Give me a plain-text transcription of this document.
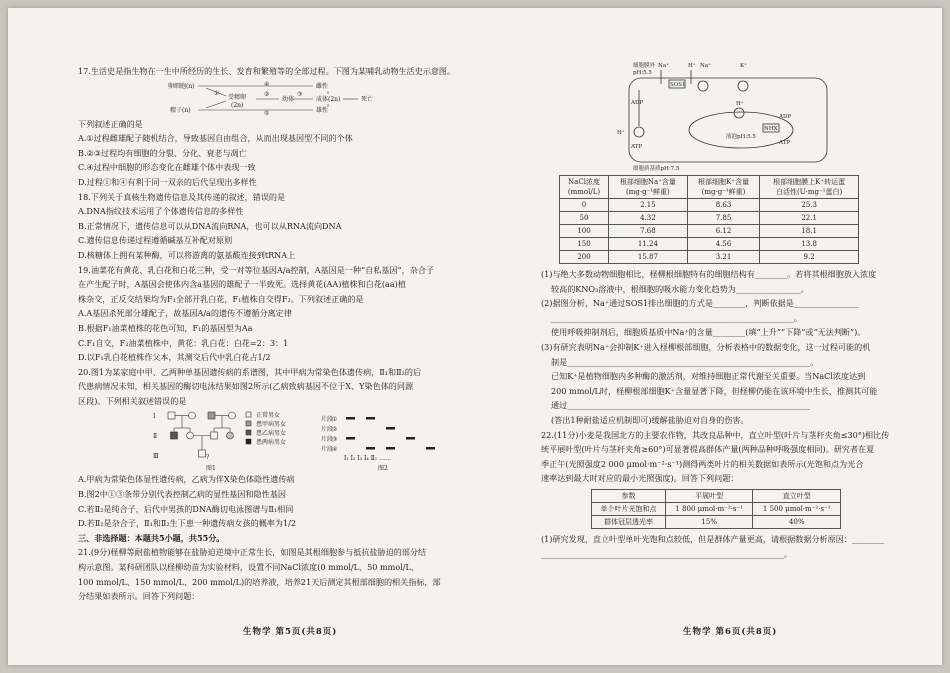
17.生活史是指生物在一生中所经历的生长、发育和繁殖等的全部过程。下图为某哺乳动物生活史示意图。

卵细胞(n)
精子(n)
受精卵
(2n)
幼体	成体(2n)	死亡
雌性
雄性
①	②	③
④
⑤

下列叙述正确的是

A.①过程雌雄配子随机结合，导致基因自由组合，从而出现基因型不同的个体

B.②③过程均有细胞的分裂、分化、衰老与凋亡

C.④过程中细胞的形态变化在雌雄个体中表现一致

D.过程①和④有利于同一双亲的后代呈现出多样性

18.下列关于真核生物遗传信息及其传递的叙述，错误的是

A.DNA指纹技术运用了个体遗传信息的多样性

B.正常情况下，遗传信息可以从DNA流向RNA，也可以从RNA流向DNA

C.遗传信息传递过程遵循碱基互补配对原则

D.核糖体上拥有某种酶，可以将游离的氨基酸连接到tRNA上

19.油菜花有黄花、乳白花和白花三种，受一对等位基因A/a控制，A基因是一种“自私基因”，杂合子

在产生配子时，A基因会使体内含a基因的雄配子一半致死。选择黄花(AA)植株和白花(aa)植

株杂交，正反交结果均为F₁全部开乳白花，F₁植株自交得F₂。下列叙述正确的是

A.A基因杀死部分雄配子，故基因A/a的遗传不遵循分离定律

B.根据F₁油菜植株的花色可知，F₁的基因型为Aa

C.F₁自交，F₂油菜植株中，黄花：乳白花：白花=2：3：1

D.以F₁乳白花植株作父本，其测交后代中乳白花占1/2

20.图1为某家庭中甲、乙两种单基因遗传病的系谱图，其中甲病为常染色体遗传病，Ⅱ₁和Ⅱ₂的后

代患病情况未知，相关基因的酶切电泳结果如图2所示(乙病致病基因不位于X、Y染色体的同源

区段)。下列相关叙述错误的是

Ⅰ
Ⅱ
Ⅲ	?
图1
正常男女
患甲病男女
患乙病男女
患两病男女
片段
片段
片段
片段
①
②
③
④
Ⅰ₁ Ⅰ₂ Ⅰ₃ Ⅰ₄ Ⅱ₁ ……
图2

A.甲病为常染色体显性遗传病，乙病为伴X染色体隐性遗传病

B.图2中①③条带分别代表控制乙病的显性基因和隐性基因

C.若Ⅱ₂是纯合子，后代中男孩的DNA酶切电泳图谱与Ⅱ₁相同

D.若Ⅱ₂是杂合子，Ⅱ₁和Ⅱ₂生下患一种遗传病女孩的概率为1/2

三、非选择题：本题共5小题，共55分。

21.(9分)柽柳等耐盐植物能够在盐胁迫逆境中正常生长，如图是其根细胞参与抵抗盐胁迫的部分结

构示意图。某科研团队以柽柳幼苗为实验材料，设置不同NaCl浓度(0 mmol/L、50 mmol/L、

100 mmol/L、150 mmol/L、200 mmol/L)的培养液，培养21天后测定其根部细胞的相关指标，部

分结果如表所示。回答下列问题：

生物学 第5页(共8页)
细胞膜外
pH:5.5
Na⁺	H⁺ Na⁺	K⁺
SOS1
ADP
ATP
H⁺
H⁺
NHX
ADP
ATP
液泡pH:5.5
细胞质基质pH:7.5
NaCl浓度
(mmol/L)	根部细胞Na⁺含量
(mg·g⁻¹鲜重)	根部细胞K⁺含量
(mg·g⁻¹鲜重)	根部细胞膜上K⁺转运蛋
白活性(U·mg⁻¹蛋白)
0	2.15	8.63	25.3
50	4.32	7.85	22.1
100	7.68	6.12	18.1
150	11.24	4.56	13.8
200	15.87	3.21	9.2

(1)与绝大多数动物细胞相比，柽柳根细胞特有的细胞结构有________。若将其根细胞放入浓度

较高的KNO₃溶液中，根细胞的吸水能力变化趋势为________________。

(2)据图分析，Na⁺通过SOS1排出细胞的方式是________，判断依据是________________

____________________________________________________________。

使用呼吸抑制剂后，细胞质基质中Na⁺的含量________(填“上升”“下降”或“无法判断”)。

(3)有研究表明Na⁺会抑制K⁺进入柽柳根部细胞，分析表格中的数据变化，这一过程可能的机

制是____________________________________________________________。

已知K⁺是植物细胞内多种酶的激活剂，对维持细胞正常代谢至关重要。当NaCl浓度达到

200 mmol/L时，柽柳根部细胞K⁺含量显著下降，但柽柳仍能在该环境中生长，推测其可能

通过____________________________________________________________

(答出1种耐盐适应机制即可)缓解盐胁迫对自身的伤害。

22.(11分)小麦是我国北方的主要农作物，其改良品种中，直立叶型(叶片与茎秆夹角≤30°)相比传

统平展叶型(叶片与茎秆夹角≥60°)可显著提高群体产量(两种品种呼吸强度相同)。研究者在夏

季正午(光照强度2 000 μmol·m⁻²·s⁻¹)测得两类叶片的相关数据如表所示(光饱和点为光合

速率达到最大时对应的最小光照强度)。回答下列问题：

参数	平展叶型	直立叶型
单个叶片光饱和点	1 800 μmol·m⁻²·s⁻¹	1 500 μmol·m⁻²·s⁻¹
群体冠层透光率	15%	40%

(1)研究发现，直立叶型单叶光饱和点较低，但是群体产量更高，请根据数据分析原因：________

____________________________________________________________。

生物学 第6页(共8页)
